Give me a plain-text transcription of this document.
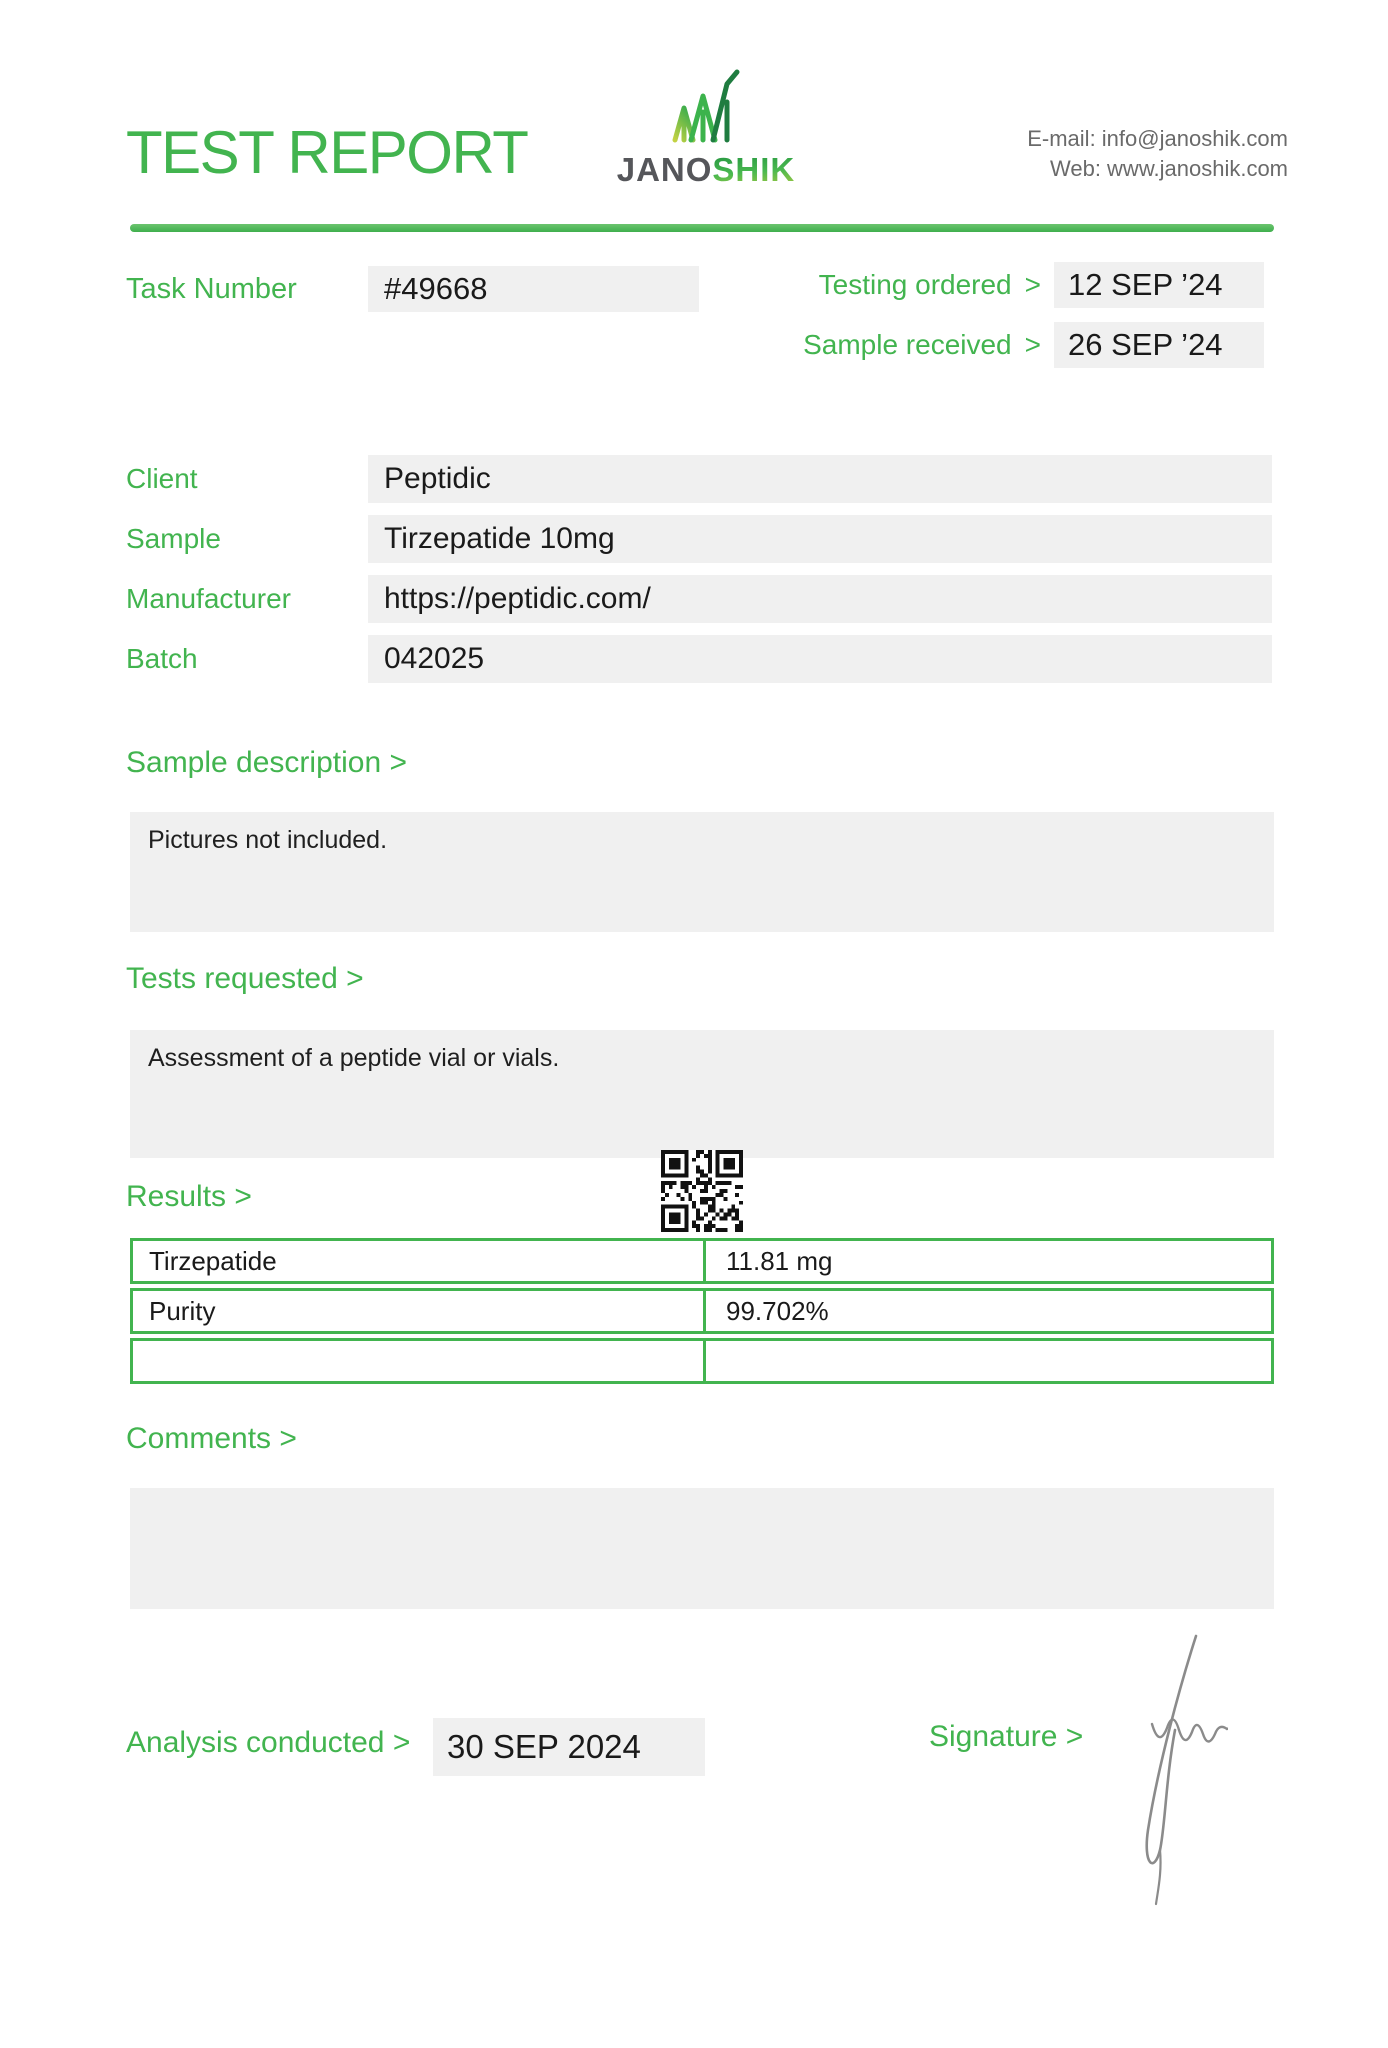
TEST REPORT	JANOSHIK
E-mail: info@janoshik.com
Web: www.janoshik.com
Task Number	#49668	Testing ordered > 12 SEP ’24
Sample received > 26 SEP ’24
Client	Peptidic
Sample	Tirzepatide 10mg
Manufacturer	https://peptidic.com/
Batch	042025
Sample description >
Pictures not included.
Tests requested >
Assessment of a peptide vial or vials.
Results >
Tirzepatide	11.81 mg
Purity	99.702%
Comments >
Analysis conducted >	30 SEP 2024	Signature >
